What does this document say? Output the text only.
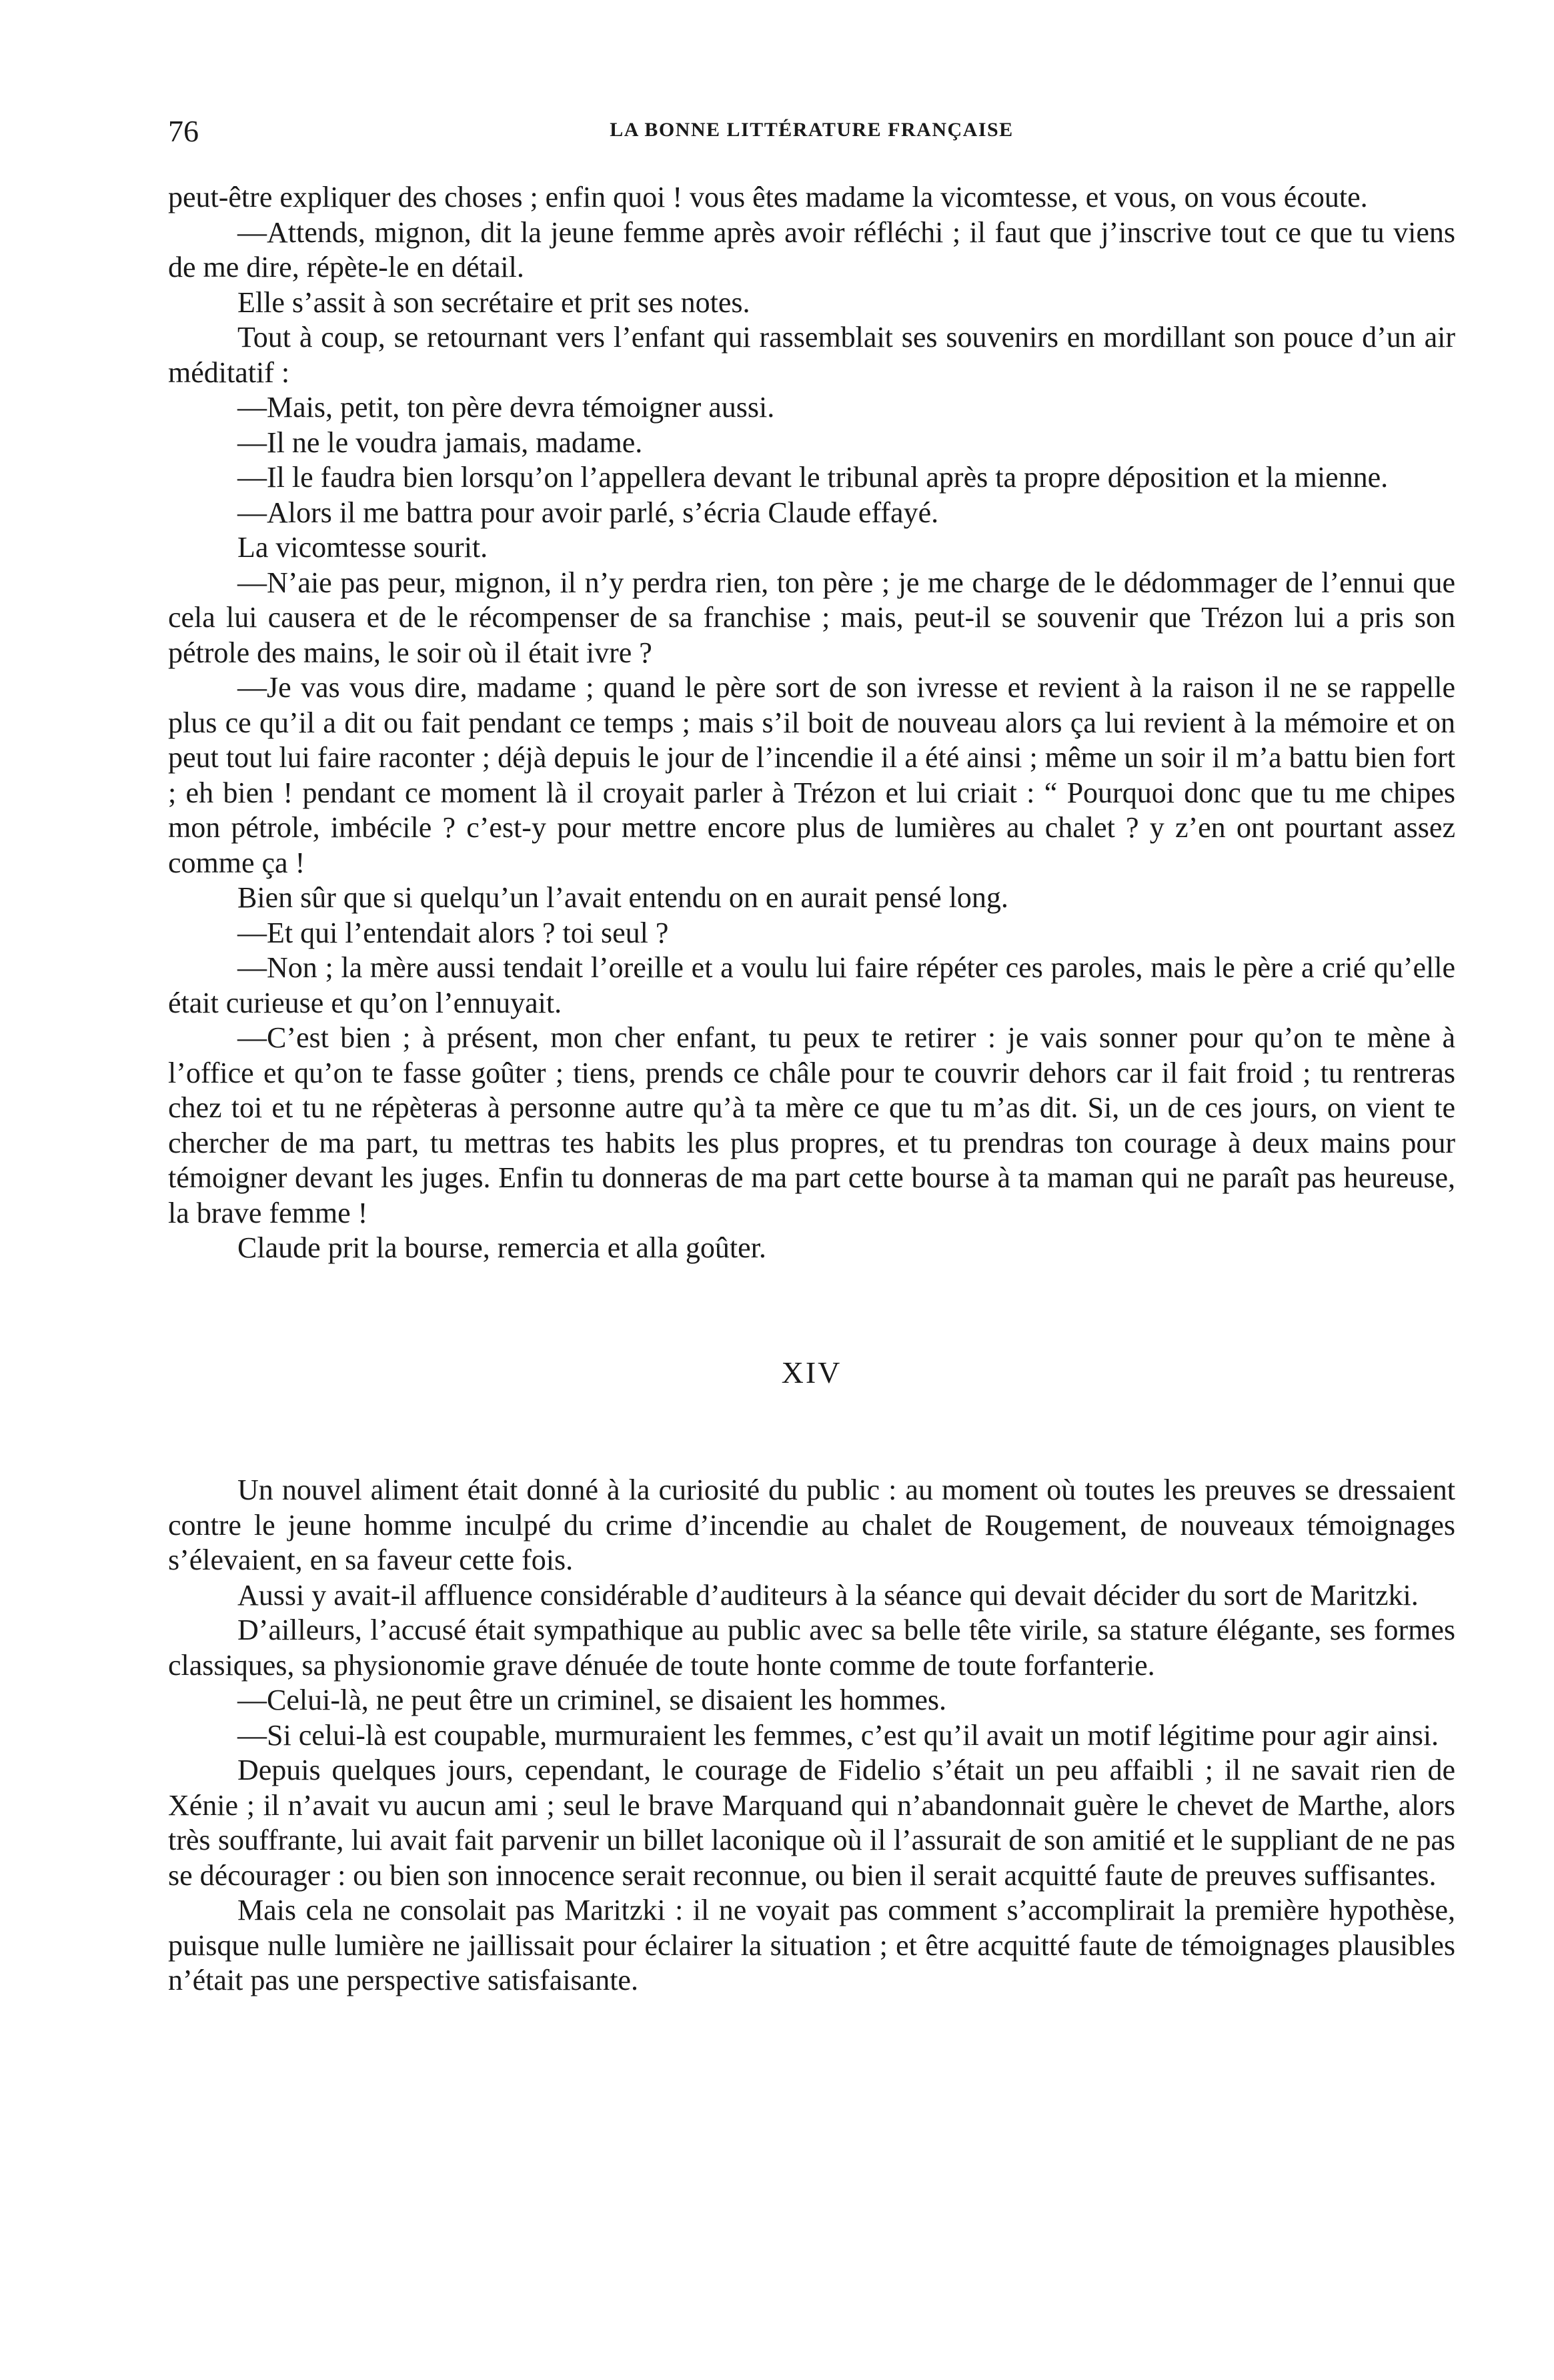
76	LA BONNE LITTÉRATURE FRANÇAISE

peut-être expliquer des choses ; enfin quoi ! vous êtes madame la vicomtesse, et vous, on vous écoute.

—Attends, mignon, dit la jeune femme après avoir réfléchi ; il faut que j’inscrive tout ce que tu viens de me dire, répète-le en détail.

Elle s’assit à son secrétaire et prit ses notes.

Tout à coup, se retournant vers l’enfant qui rassemblait ses souvenirs en mordillant son pouce d’un air méditatif :

—Mais, petit, ton père devra témoigner aussi.

—Il ne le voudra jamais, madame.

—Il le faudra bien lorsqu’on l’appellera devant le tribunal après ta propre déposition et la mienne.

—Alors il me battra pour avoir parlé, s’écria Claude effayé.

La vicomtesse sourit.

—N’aie pas peur, mignon, il n’y perdra rien, ton père ; je me charge de le dédommager de l’ennui que cela lui causera et de le récompenser de sa franchise ; mais, peut-il se souvenir que Trézon lui a pris son pétrole des mains, le soir où il était ivre ?

—Je vas vous dire, madame ; quand le père sort de son ivresse et revient à la raison il ne se rappelle plus ce qu’il a dit ou fait pendant ce temps ; mais s’il boit de nouveau alors ça lui revient à la mémoire et on peut tout lui faire raconter ; déjà depuis le jour de l’incendie il a été ainsi ; même un soir il m’a battu bien fort ; eh bien ! pendant ce moment là il croyait parler à Trézon et lui criait : “ Pourquoi donc que tu me chipes mon pétrole, imbécile ? c’est-y pour mettre encore plus de lumières au chalet ? y z’en ont pourtant assez comme ça !

Bien sûr que si quelqu’un l’avait entendu on en aurait pensé long.

—Et qui l’entendait alors ? toi seul ?

—Non ; la mère aussi tendait l’oreille et a voulu lui faire répéter ces paroles, mais le père a crié qu’elle était curieuse et qu’on l’ennuyait.

—C’est bien ; à présent, mon cher enfant, tu peux te retirer : je vais sonner pour qu’on te mène à l’office et qu’on te fasse goûter ; tiens, prends ce châle pour te couvrir dehors car il fait froid ; tu rentreras chez toi et tu ne répèteras à personne autre qu’à ta mère ce que tu m’as dit. Si, un de ces jours, on vient te chercher de ma part, tu mettras tes habits les plus propres, et tu prendras ton courage à deux mains pour témoigner devant les juges. Enfin tu donneras de ma part cette bourse à ta maman qui ne paraît pas heureuse, la brave femme !

Claude prit la bourse, remercia et alla goûter.

XIV

Un nouvel aliment était donné à la curiosité du public : au moment où toutes les preuves se dressaient contre le jeune homme inculpé du crime d’incendie au chalet de Rougement, de nouveaux témoignages s’élevaient, en sa faveur cette fois.

Aussi y avait-il affluence considérable d’auditeurs à la séance qui devait décider du sort de Maritzki.

D’ailleurs, l’accusé était sympathique au public avec sa belle tête virile, sa stature élégante, ses formes classiques, sa physionomie grave dénuée de toute honte comme de toute forfanterie.

—Celui-là, ne peut être un criminel, se disaient les hommes.

—Si celui-là est coupable, murmuraient les femmes, c’est qu’il avait un motif légitime pour agir ainsi.

Depuis quelques jours, cependant, le courage de Fidelio s’était un peu affaibli ; il ne savait rien de Xénie ; il n’avait vu aucun ami ; seul le brave Marquand qui n’abandonnait guère le chevet de Marthe, alors très souffrante, lui avait fait parvenir un billet laconique où il l’assurait de son amitié et le suppliant de ne pas se décourager : ou bien son innocence serait reconnue, ou bien il serait acquitté faute de preuves suffisantes.

Mais cela ne consolait pas Maritzki : il ne voyait pas comment s’accomplirait la première hypothèse, puisque nulle lumière ne jaillissait pour éclairer la situation ; et être acquitté faute de témoignages plausibles n’était pas une perspective satisfaisante.
